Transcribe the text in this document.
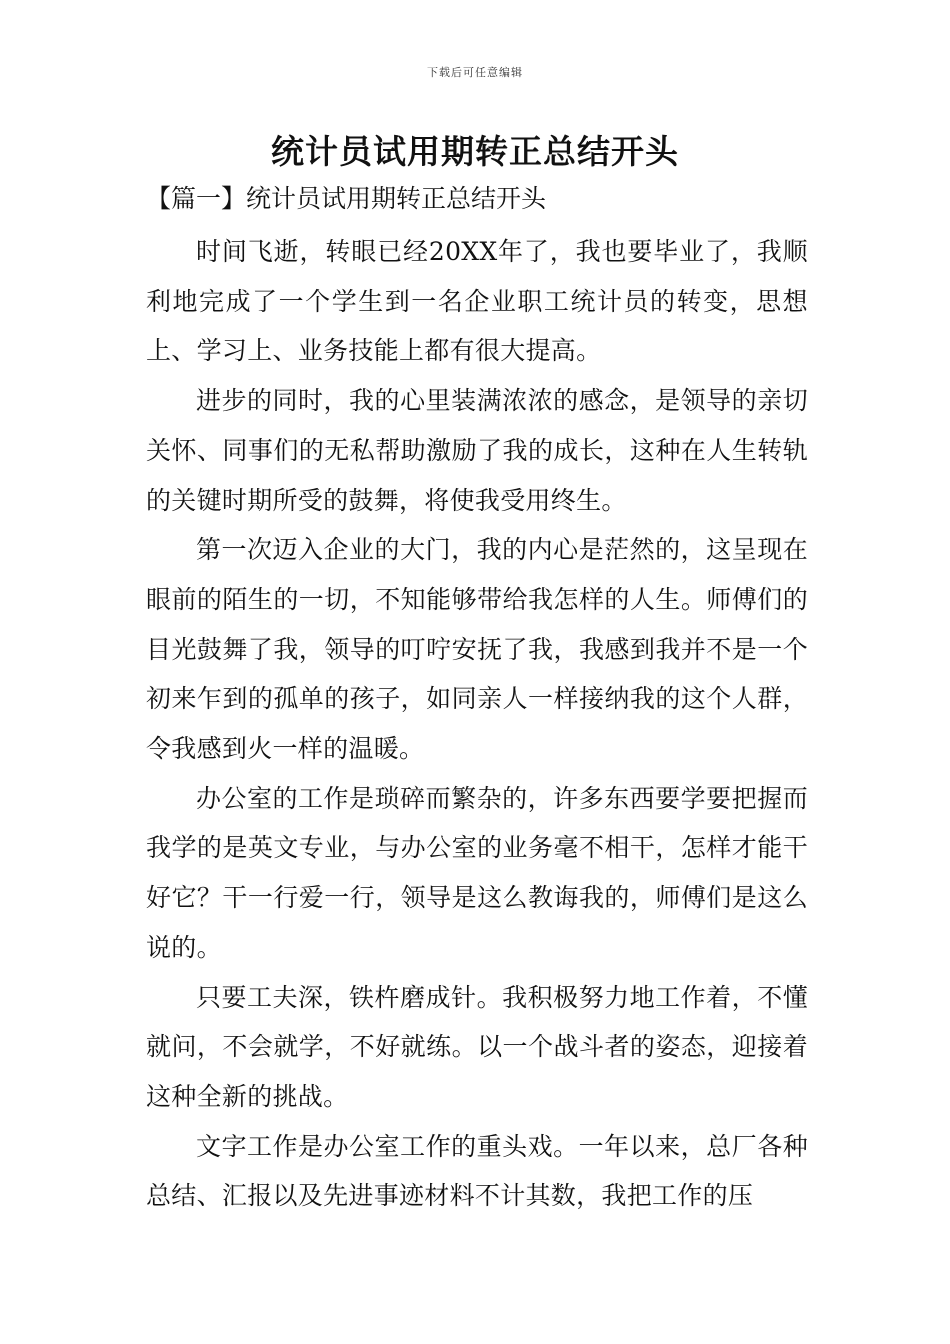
下载后可任意编辑
统计员试用期转正总结开头

【篇一】统计员试用期转正总结开头

时间飞逝，转眼已经20XX年了，我也要毕业了，我顺利地完成了一个学生到一名企业职工统计员的转变，思想上、学习上、业务技能上都有很大提高。

进步的同时，我的心里装满浓浓的感念，是领导的亲切关怀、同事们的无私帮助激励了我的成长，这种在人生转轨的关键时期所受的鼓舞，将使我受用终生。

第一次迈入企业的大门，我的内心是茫然的，这呈现在眼前的陌生的一切，不知能够带给我怎样的人生。师傅们的目光鼓舞了我，领导的叮咛安抚了我，我感到我并不是一个初来乍到的孤单的孩子，如同亲人一样接纳我的这个人群，令我感到火一样的温暖。

办公室的工作是琐碎而繁杂的，许多东西要学要把握而我学的是英文专业，与办公室的业务毫不相干，怎样才能干好它？干一行爱一行，领导是这么教诲我的，师傅们是这么说的。

只要工夫深，铁杵磨成针。我积极努力地工作着，不懂就问，不会就学，不好就练。以一个战斗者的姿态，迎接着这种全新的挑战。

文字工作是办公室工作的重头戏。一年以来，总厂各种总结、汇报以及先进事迹材料不计其数，我把工作的压
